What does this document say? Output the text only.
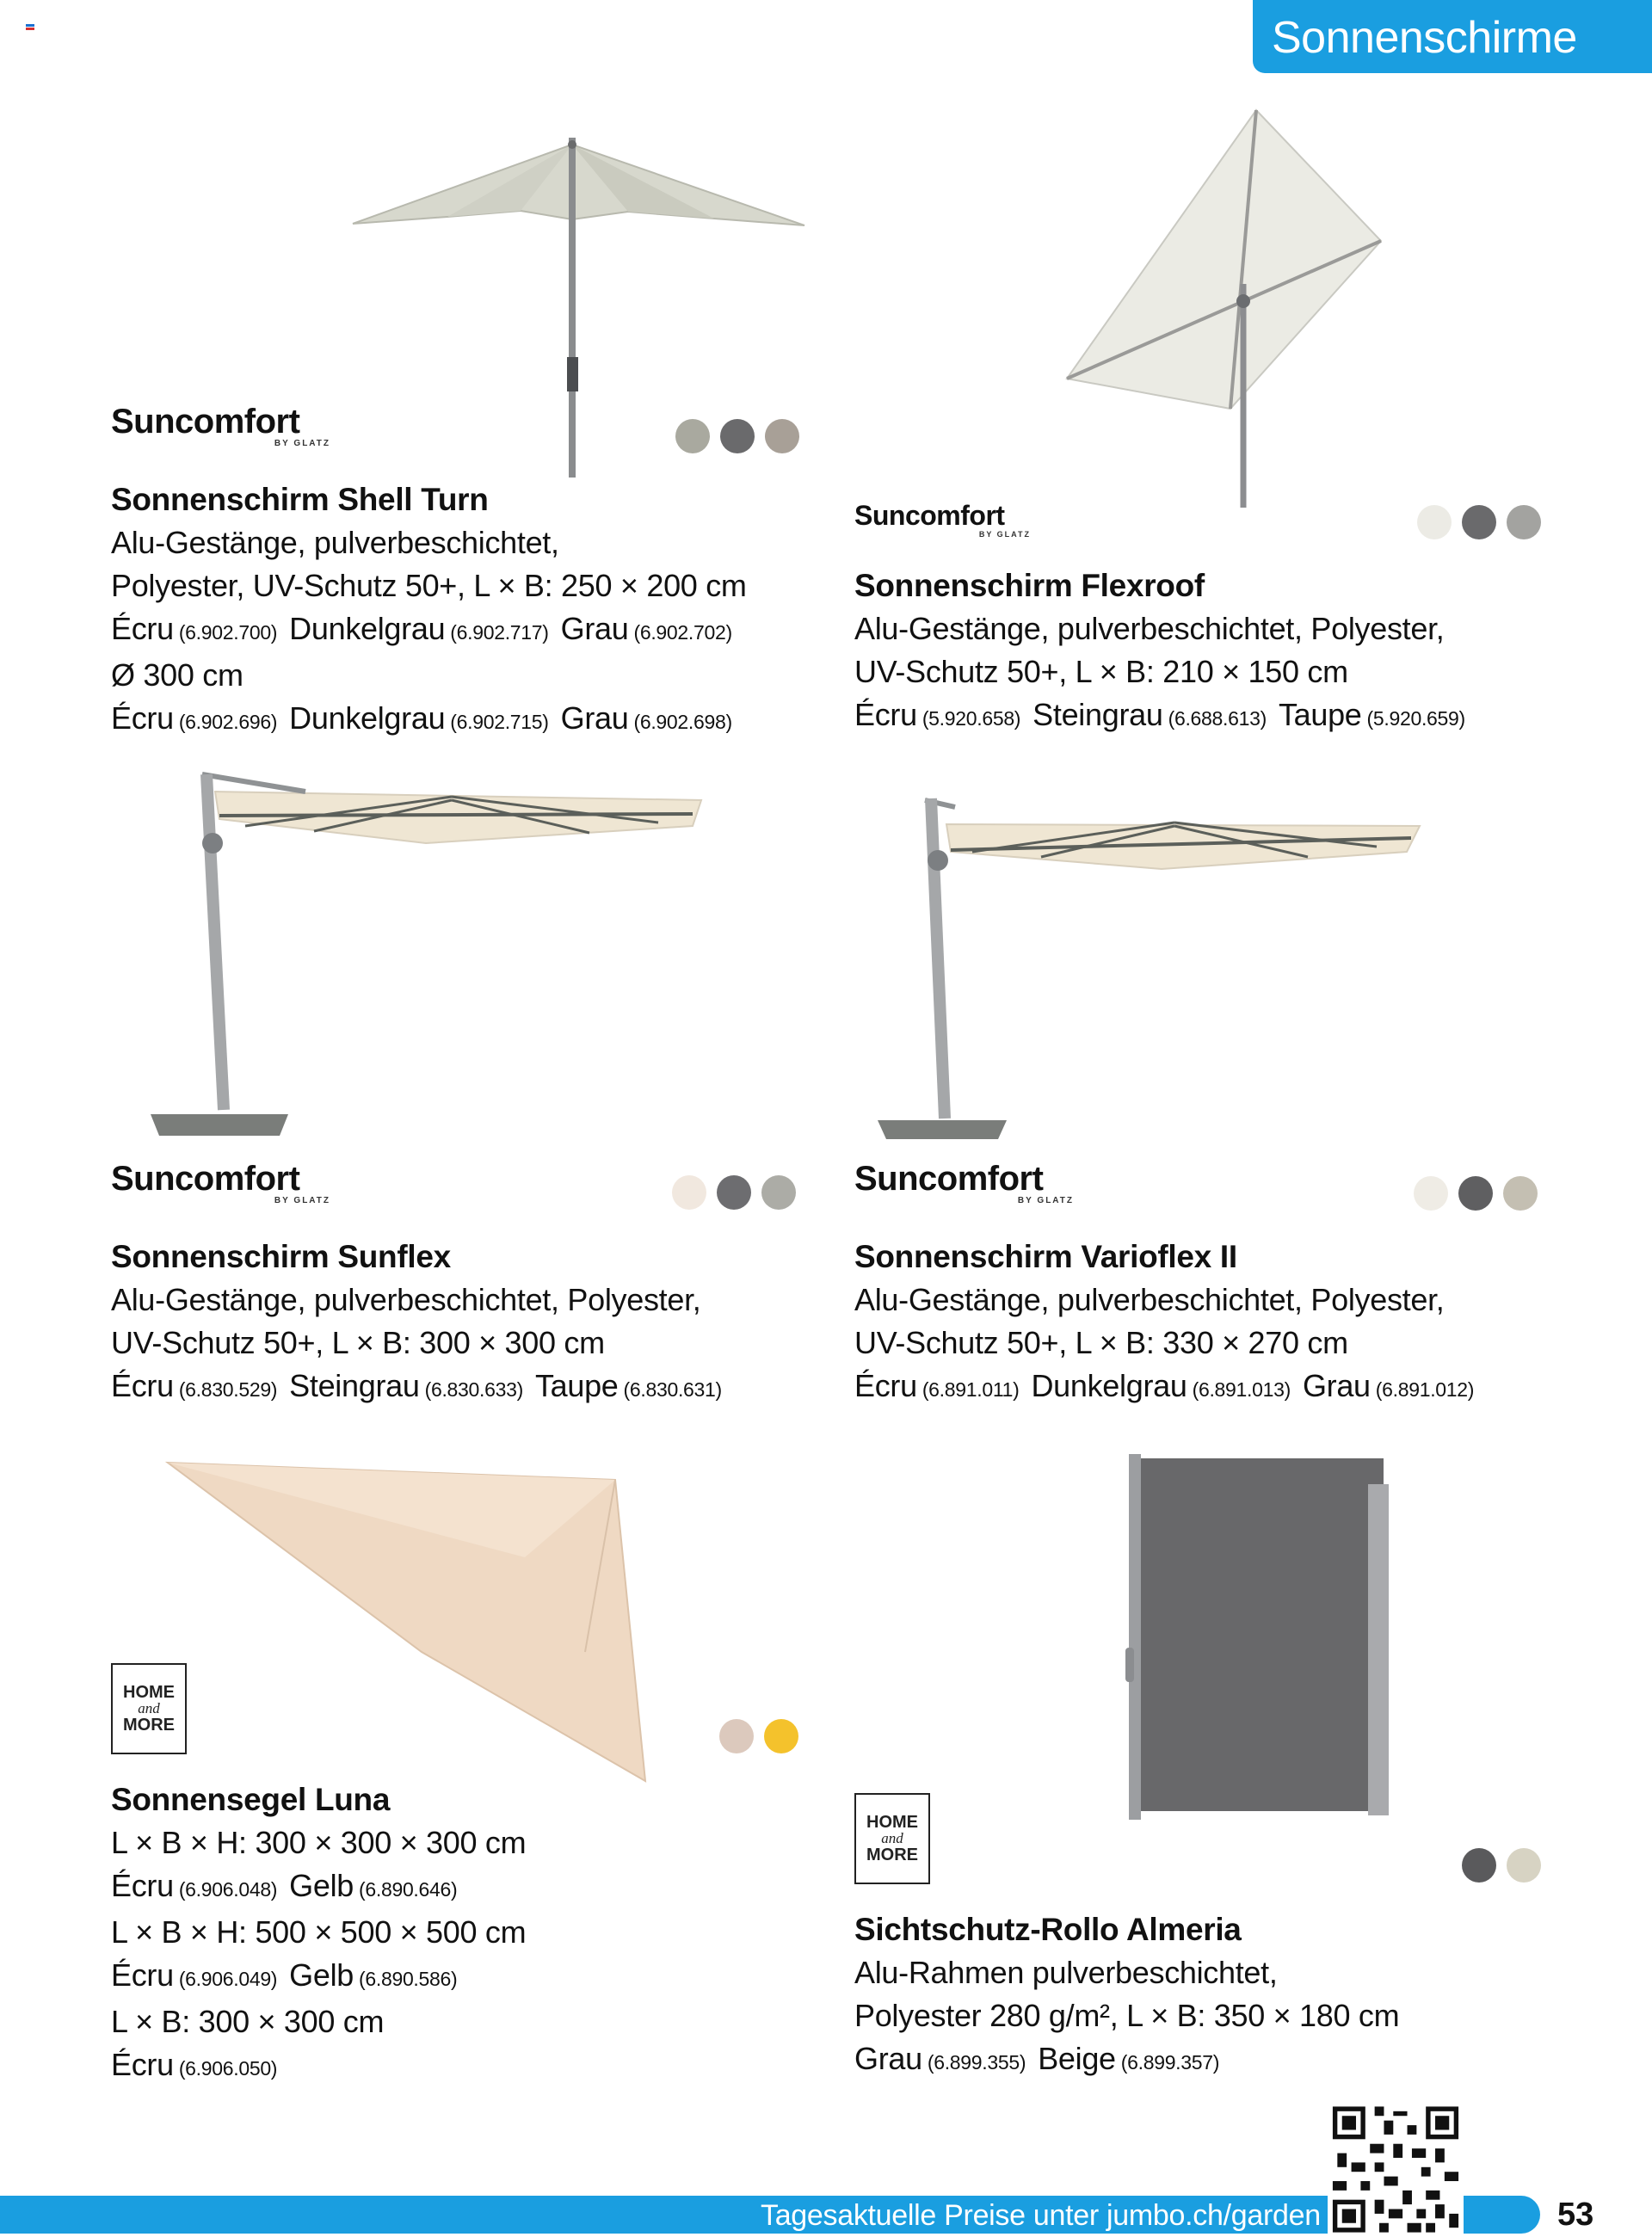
Sonnenschirme
Suncomfort
BY GLATZ
Sonnenschirm Shell Turn
Alu-Gestänge, pulverbeschichtet,
Polyester, UV-Schutz 50+, L × B: 250 × 200 cm
Écru (6.902.700) Dunkelgrau (6.902.717) Grau (6.902.702)
Ø 300 cm
Écru (6.902.696) Dunkelgrau (6.902.715) Grau (6.902.698)
Suncomfort
BY GLATZ
Sonnenschirm Flexroof
Alu-Gestänge, pulverbeschichtet, Polyester,
UV-Schutz 50+, L × B: 210 × 150 cm
Écru (5.920.658) Steingrau (6.688.613) Taupe (5.920.659)
Suncomfort
BY GLATZ
Sonnenschirm Sunflex
Alu-Gestänge, pulverbeschichtet, Polyester,
UV-Schutz 50+, L × B: 300 × 300 cm
Écru (6.830.529) Steingrau (6.830.633) Taupe (6.830.631)
Suncomfort
BY GLATZ
Sonnenschirm Varioflex II
Alu-Gestänge, pulverbeschichtet, Polyester,
UV-Schutz 50+, L × B: 330 × 270 cm
Écru (6.891.011) Dunkelgrau (6.891.013) Grau (6.891.012)
HOME
and
MORE
Sonnensegel Luna
L × B × H: 300 × 300 × 300 cm
Écru (6.906.048) Gelb (6.890.646)
L × B × H: 500 × 500 × 500 cm
Écru (6.906.049) Gelb (6.890.586)
L × B: 300 × 300 cm
Écru (6.906.050)
HOME
and
MORE
Sichtschutz-Rollo Almeria
Alu-Rahmen pulverbeschichtet,
Polyester 280 g/m², L × B: 350 × 180 cm
Grau (6.899.355) Beige (6.899.357)
Tagesaktuelle Preise unter jumbo.ch/garden	53
